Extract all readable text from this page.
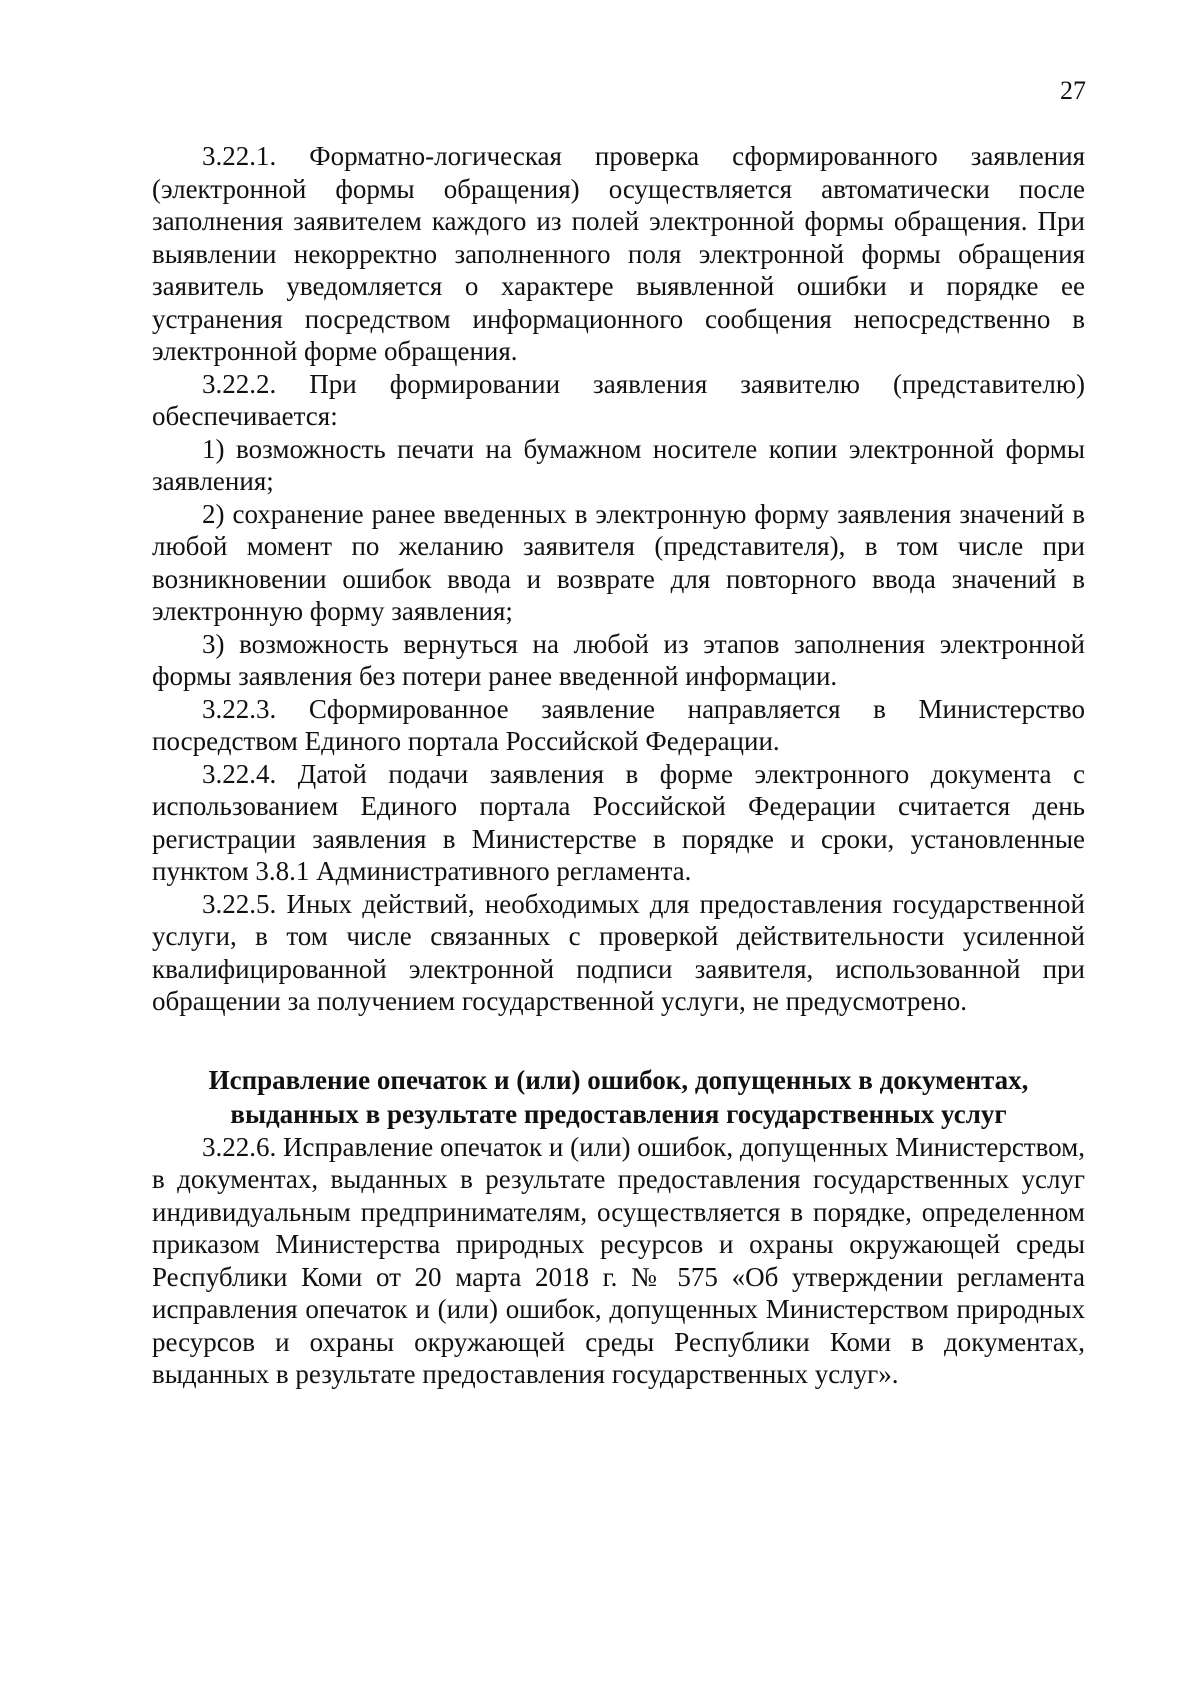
27

3.22.1. Форматно-логическая проверка сформированного заявления (электронной формы обращения) осуществляется автоматически после заполнения заявителем каждого из полей электронной формы обращения. При выявлении некорректно заполненного поля электронной формы обращения заявитель уведомляется о характере выявленной ошибки и порядке ее устранения посредством информационного сообщения непосредственно в электронной форме обращения.

3.22.2. При формировании заявления заявителю (представителю) обеспечивается:

1) возможность печати на бумажном носителе копии электронной формы заявления;

2) сохранение ранее введенных в электронную форму заявления значений в любой момент по желанию заявителя (представителя), в том числе при возникновении ошибок ввода и возврате для повторного ввода значений в электронную форму заявления;

3) возможность вернуться на любой из этапов заполнения электронной формы заявления без потери ранее введенной информации.

3.22.3. Сформированное заявление направляется в Министерство посредством Единого портала Российской Федерации.

3.22.4. Датой подачи заявления в форме электронного документа с использованием Единого портала Российской Федерации считается день регистрации заявления в Министерстве в порядке и сроки, установленные пунктом 3.8.1 Административного регламента.

3.22.5. Иных действий, необходимых для предоставления государственной услуги, в том числе связанных с проверкой действительности усиленной квалифицированной электронной подписи заявителя, использованной при обращении за получением государственной услуги, не предусмотрено.

Исправление опечаток и (или) ошибок, допущенных в документах, выданных в результате предоставления государственных услуг

3.22.6. Исправление опечаток и (или) ошибок, допущенных Министерством, в документах, выданных в результате предоставления государственных услуг индивидуальным предпринимателям, осуществляется в порядке, определенном приказом Министерства природных ресурсов и охраны окружающей среды Республики Коми от 20 марта 2018 г. № 575 «Об утверждении регламента исправления опечаток и (или) ошибок, допущенных Министерством природных ресурсов и охраны окружающей среды Республики Коми в документах, выданных в результате предоставления государственных услуг».
